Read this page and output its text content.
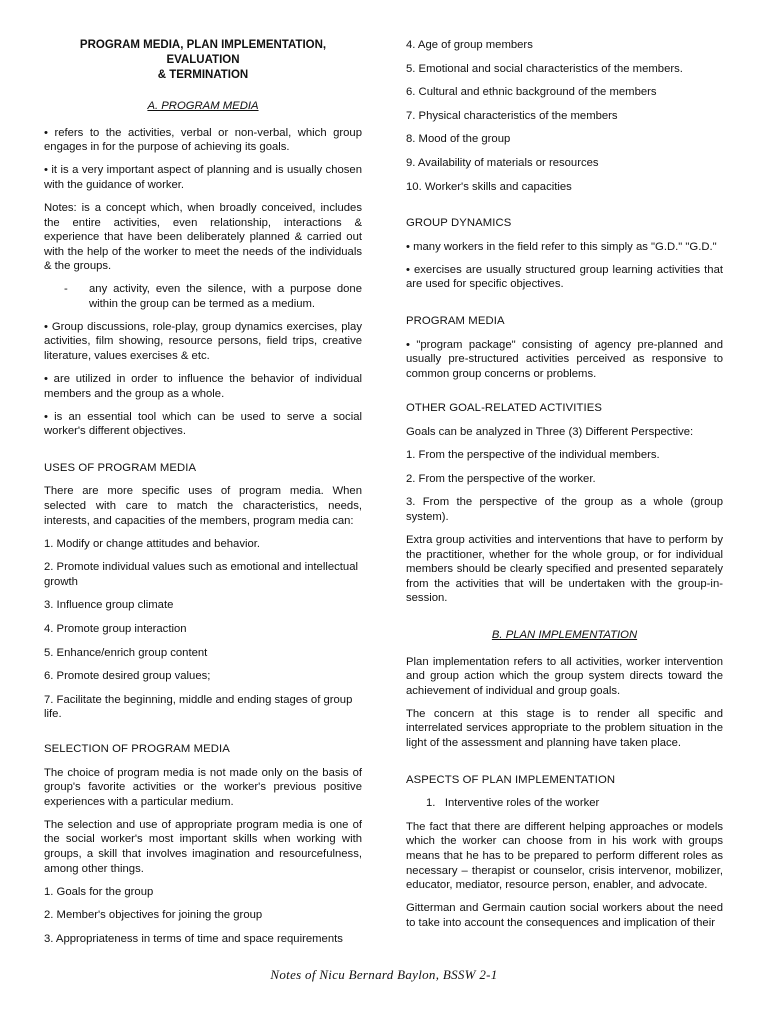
PROGRAM MEDIA, PLAN IMPLEMENTATION, EVALUATION
& TERMINATION
A. PROGRAM MEDIA

• refers to the activities, verbal or non-verbal, which group engages in for the purpose of achieving its goals.

• it is a very important aspect of planning and is usually chosen with the guidance of worker.

Notes: is a concept which, when broadly conceived, includes the entire activities, even relationship, interactions & experience that have been deliberately planned & carried out with the help of the worker to meet the needs of the individuals & the groups.

- any activity, even the silence, with a purpose done within the group can be termed as a medium.

• Group discussions, role-play, group dynamics exercises, play activities, film showing, resource persons, field trips, creative literature, values exercises & etc.

• are utilized in order to influence the behavior of individual members and the group as a whole.

• is an essential tool which can be used to serve a social worker's different objectives.

USES OF PROGRAM MEDIA

There are more specific uses of program media. When selected with care to match the characteristics, needs, interests, and capacities of the members, program media can:

1. Modify or change attitudes and behavior.

2. Promote individual values such as emotional and intellectual growth

3. Influence group climate

4. Promote group interaction

5. Enhance/enrich group content

6. Promote desired group values;

7. Facilitate the beginning, middle and ending stages of group life.

SELECTION OF PROGRAM MEDIA

The choice of program media is not made only on the basis of group's favorite activities or the worker's previous positive experiences with a particular medium.

The selection and use of appropriate program media is one of the social worker's most important skills when working with groups, a skill that involves imagination and resourcefulness, among other things.

1. Goals for the group

2. Member's objectives for joining the group

3. Appropriateness in terms of time and space requirements

4. Age of group members

5. Emotional and social characteristics of the members.

6. Cultural and ethnic background of the members

7. Physical characteristics of the members

8. Mood of the group

9. Availability of materials or resources

10. Worker's skills and capacities

GROUP DYNAMICS

• many workers in the field refer to this simply as "G.D." "G.D."

• exercises are usually structured group learning activities that are used for specific objectives.

PROGRAM MEDIA

• "program package" consisting of agency pre-planned and usually pre-structured activities perceived as responsive to common group concerns or problems.

OTHER GOAL-RELATED ACTIVITIES

Goals can be analyzed in Three (3) Different Perspective:

1. From the perspective of the individual members.

2. From the perspective of the worker.

3. From the perspective of the group as a whole (group system).

Extra group activities and interventions that have to perform by the practitioner, whether for the whole group, or for individual members should be clearly specified and presented separately from the activities that will be undertaken with the group-in-session.

B. PLAN IMPLEMENTATION

Plan implementation refers to all activities, worker intervention and group action which the group system directs toward the achievement of individual and group goals.

The concern at this stage is to render all specific and interrelated services appropriate to the problem situation in the light of the assessment and planning have taken place.

ASPECTS OF PLAN IMPLEMENTATION

1.   Interventive roles of the worker

The fact that there are different helping approaches or models which the worker can choose from in his work with groups means that he has to be prepared to perform different roles as necessary – therapist or counselor, crisis intervenor, mobilizer, educator, mediator, resource person, enabler, and advocate.

Gitterman and Germain caution social workers about the need to take into account the consequences and implication of their

Notes of Nicu Bernard Baylon, BSSW 2-1
